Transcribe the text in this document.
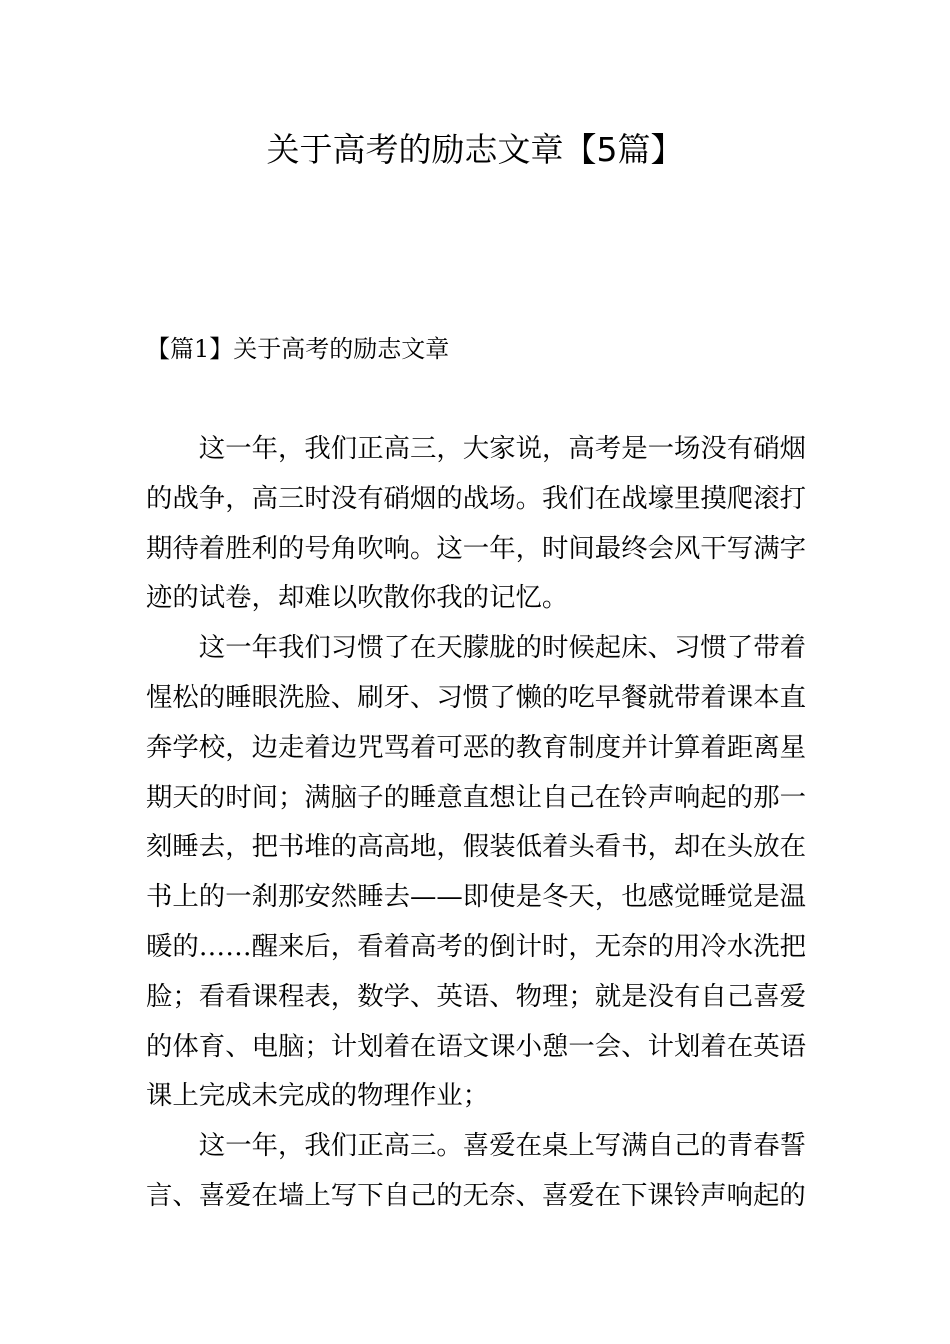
关于高考的励志文章【5篇】
【篇1】关于高考的励志文章

这一年，我们正高三，大家说，高考是一场没有硝烟的战争，高三时没有硝烟的战场。我们在战壕里摸爬滚打期待着胜利的号角吹响。这一年，时间最终会风干写满字迹的试卷，却难以吹散你我的记忆。

这一年我们习惯了在天朦胧的时候起床、习惯了带着惺松的睡眼洗脸、刷牙、习惯了懒的吃早餐就带着课本直奔学校，边走着边咒骂着可恶的教育制度并计算着距离星期天的时间；满脑子的睡意直想让自己在铃声响起的那一刻睡去，把书堆的高高地，假装低着头看书，却在头放在书上的一刹那安然睡去——即使是冬天，也感觉睡觉是温暖的……醒来后，看着高考的倒计时，无奈的用冷水洗把脸；看看课程表，数学、英语、物理；就是没有自己喜爱的体育、电脑；计划着在语文课小憩一会、计划着在英语课上完成未完成的物理作业；

这一年，我们正高三。喜爱在桌上写满自己的青春誓言、喜爱在墙上写下自己的无奈、喜爱在下课铃声响起的
